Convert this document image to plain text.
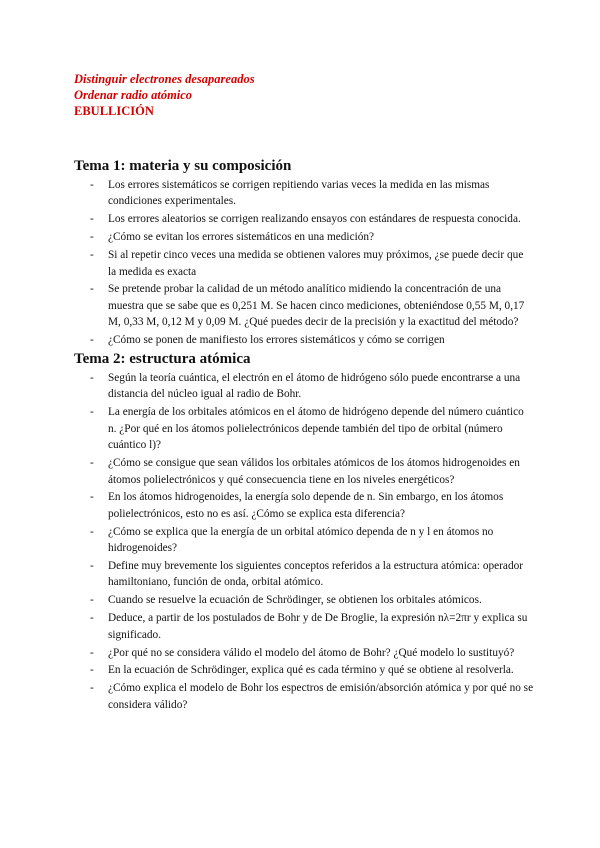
Distinguir electrones desapareados
Ordenar radio atómico
EBULLICIÓN
Tema 1: materia y su composición
- Los errores sistemáticos se corrigen repitiendo varias veces la medida en las mismas condiciones experimentales.
- Los errores aleatorios se corrigen realizando ensayos con estándares de respuesta conocida.
- ¿Cómo se evitan los errores sistemáticos en una medición?
- Si al repetir cinco veces una medida se obtienen valores muy próximos, ¿se puede decir que la medida es exacta
- Se pretende probar la calidad de un método analítico midiendo la concentración de una muestra que se sabe que es 0,251 M. Se hacen cinco mediciones, obteniéndose 0,55 M, 0,17 M, 0,33 M, 0,12 M y 0,09 M. ¿Qué puedes decir de la precisión y la exactitud del método?
- ¿Cómo se ponen de manifiesto los errores sistemáticos y cómo se corrigen
Tema 2: estructura atómica
- Según la teoría cuántica, el electrón en el átomo de hidrógeno sólo puede encontrarse a una distancia del núcleo igual al radio de Bohr.
- La energía de los orbitales atómicos en el átomo de hidrógeno depende del número cuántico n. ¿Por qué en los átomos polielectrónicos depende también del tipo de orbital (número cuántico l)?
- ¿Cómo se consigue que sean válidos los orbitales atómicos de los átomos hidrogenoides en átomos polielectrónicos y qué consecuencia tiene en los niveles energéticos?
- En los átomos hidrogenoides, la energía solo depende de n. Sin embargo, en los átomos polielectrónicos, esto no es así. ¿Cómo se explica esta diferencia?
- ¿Cómo se explica que la energía de un orbital atómico dependa de n y l en átomos no hidrogenoides?
- Define muy brevemente los siguientes conceptos referidos a la estructura atómica: operador hamiltoniano, función de onda, orbital atómico.
- Cuando se resuelve la ecuación de Schrödinger, se obtienen los orbitales atómicos.
- Deduce, a partir de los postulados de Bohr y de De Broglie, la expresión nλ=2πr y explica su significado.
- ¿Por qué no se considera válido el modelo del átomo de Bohr? ¿Qué modelo lo sustituyó?
- En la ecuación de Schrödinger, explica qué es cada término y qué se obtiene al resolverla.
- ¿Cómo explica el modelo de Bohr los espectros de emisión/absorción atómica y por qué no se considera válido?
